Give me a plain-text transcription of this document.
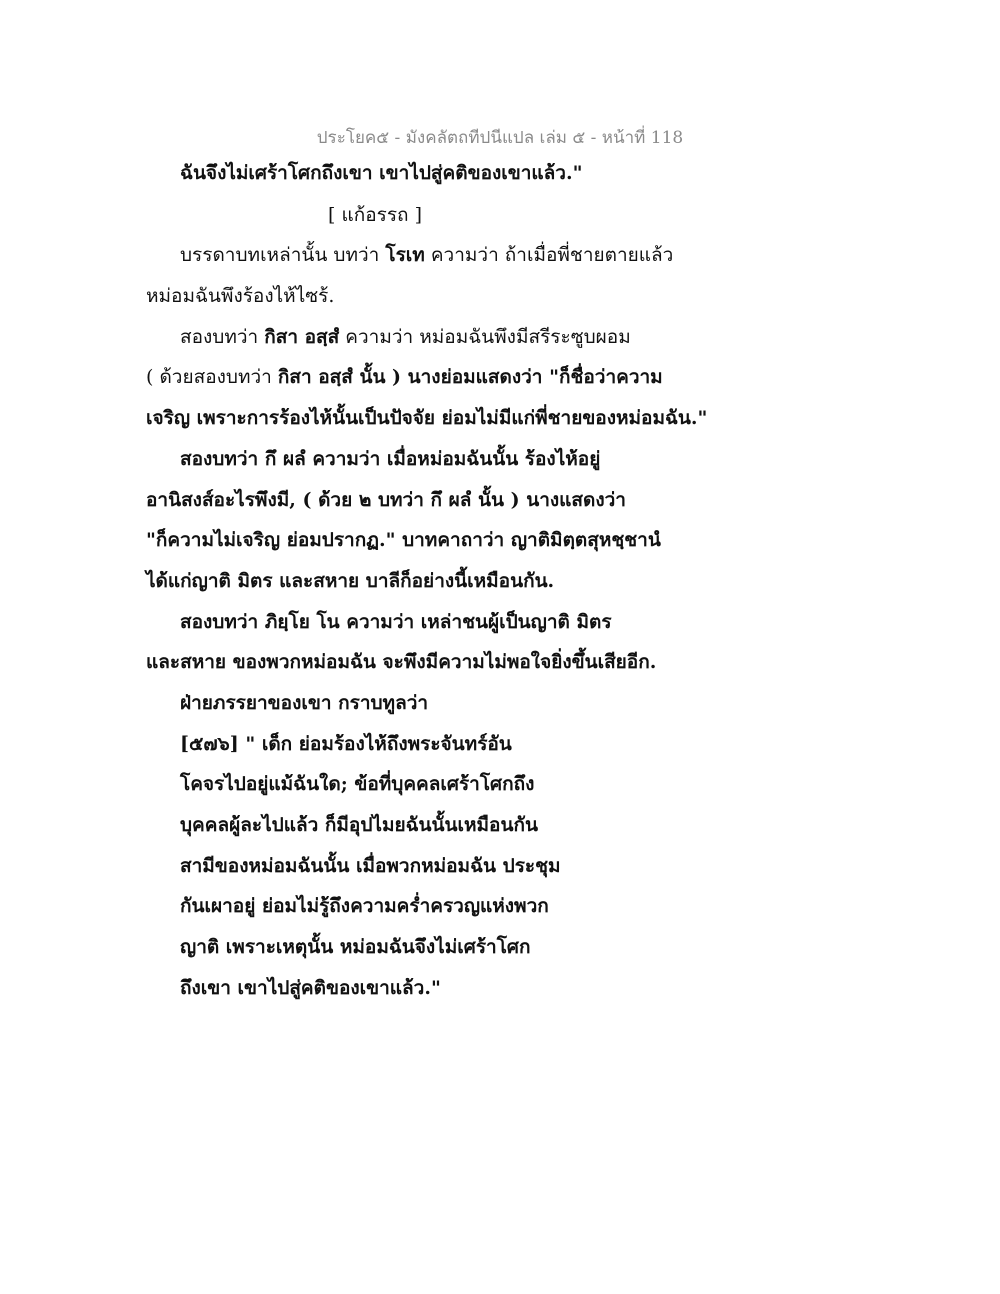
ประโยค๕ - มังคลัตถทีปนีแปล เล่ม ๕ - หน้าที่ 118
ฉันจึงไม่เศร้าโศกถึงเขา เขาไปสู่คติของเขาแล้ว."
[ แก้อรรถ ]
บรรดาบทเหล่านั้น บทว่า โรเท ความว่า ถ้าเมื่อพี่ชายตายแล้ว
หม่อมฉันพึงร้องไห้ไซร้.
สองบทว่า กิสา อสฺสํ ความว่า หม่อมฉันพึงมีสรีระซูบผอม
( ด้วยสองบทว่า กิสา อสฺสํ นั้น ) นางย่อมแสดงว่า "ก็ชื่อว่าความ
เจริญ เพราะการร้องไห้นั้นเป็นปัจจัย ย่อมไม่มีแก่พี่ชายของหม่อมฉัน."
สองบทว่า กึ ผลํ ความว่า เมื่อหม่อมฉันนั้น ร้องไห้อยู่
อานิสงส์อะไรพึงมี, ( ด้วย ๒ บทว่า กึ ผลํ นั้น ) นางแสดงว่า
"ก็ความไม่เจริญ ย่อมปรากฏ." บาทคาถาว่า ญาติมิตฺตสุหชฺชานํ
ได้แก่ญาติ มิตร และสหาย บาลีก็อย่างนี้เหมือนกัน.
สองบทว่า ภิยฺโย โน ความว่า เหล่าชนผู้เป็นญาติ มิตร
และสหาย ของพวกหม่อมฉัน จะพึงมีความไม่พอใจยิ่งขึ้นเสียอีก.
ฝ่ายภรรยาของเขา กราบทูลว่า
[๕๗๖] " เด็ก ย่อมร้องไห้ถึงพระจันทร์อัน
โคจรไปอยู่แม้ฉันใด; ข้อที่บุคคลเศร้าโศกถึง
บุคคลผู้ละไปแล้ว ก็มีอุปไมยฉันนั้นเหมือนกัน
สามีของหม่อมฉันนั้น เมื่อพวกหม่อมฉัน ประชุม
กันเผาอยู่ ย่อมไม่รู้ถึงความคร่ำครวญแห่งพวก
ญาติ เพราะเหตุนั้น หม่อมฉันจึงไม่เศร้าโศก
ถึงเขา เขาไปสู่คติของเขาแล้ว."
